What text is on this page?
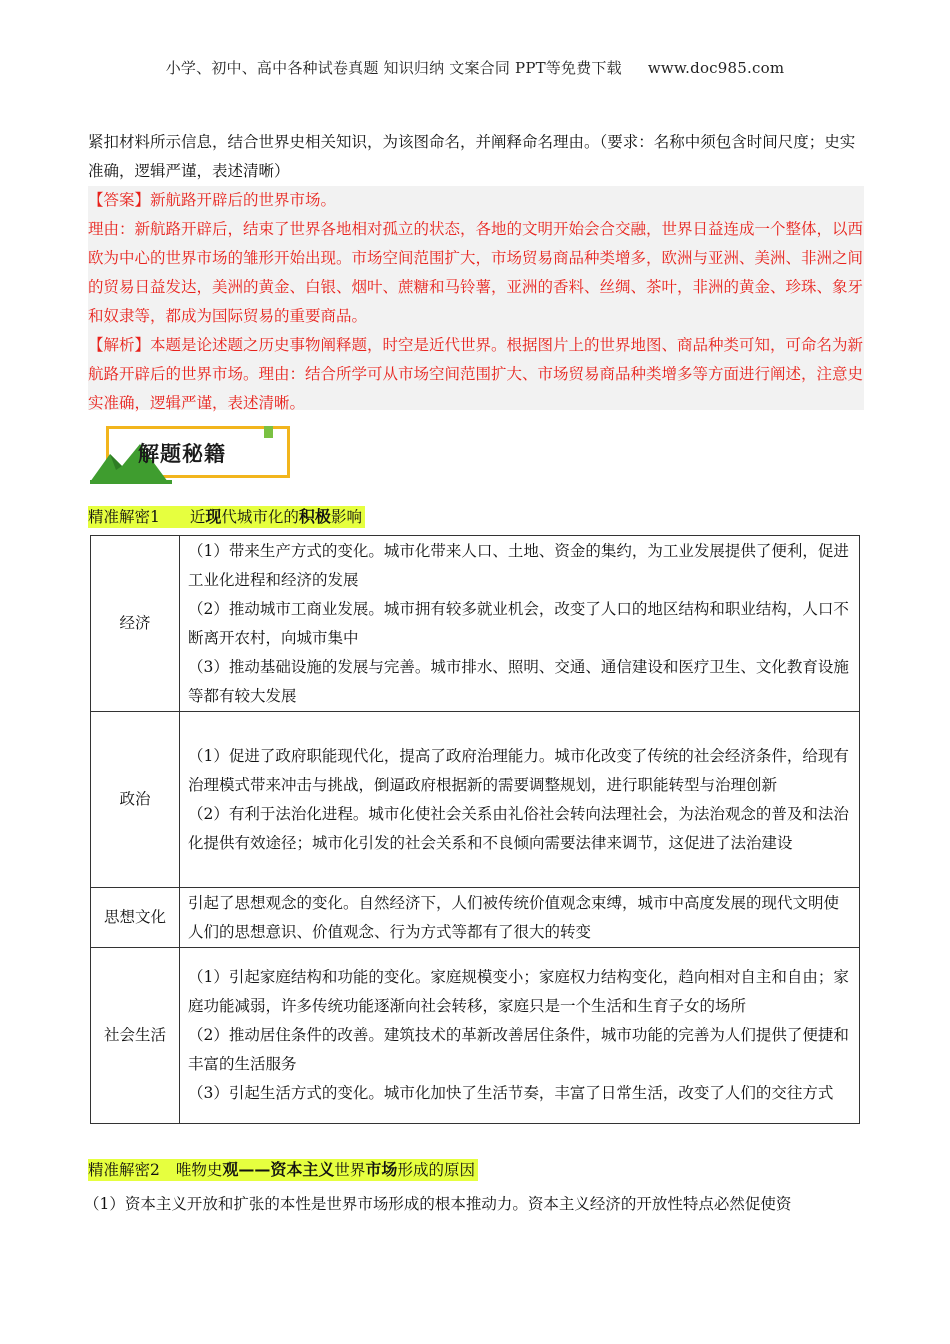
小学、初中、高中各种试卷真题 知识归纳 文案合同 PPT等免费下载 www.doc985.com
紧扣材料所示信息，结合世界史相关知识，为该图命名，并阐释命名理由。（要求：名称中须包含时间尺度；史实准确，逻辑严谨，表述清晰）

【答案】新航路开辟后的世界市场。

理由：新航路开辟后，结束了世界各地相对孤立的状态，各地的文明开始会合交融，世界日益连成一个整体，以西欧为中心的世界市场的雏形开始出现。市场空间范围扩大，市场贸易商品种类增多，欧洲与亚洲、美洲、非洲之间的贸易日益发达，美洲的黄金、白银、烟叶、蔗糖和马铃薯，亚洲的香料、丝绸、茶叶，非洲的黄金、珍珠、象牙和奴隶等，都成为国际贸易的重要商品。

【解析】本题是论述题之历史事物阐释题，时空是近代世界。根据图片上的世界地图、商品种类可知，可命名为新航路开辟后的世界市场。理由：结合所学可从市场空间范围扩大、市场贸易商品种类增多等方面进行阐述，注意史实准确，逻辑严谨，表述清晰。

解题秘籍
精准解密1 近现代城市化的积极影响
经济	（1）带来生产方式的变化。城市化带来人口、土地、资金的集约，为工业发展提供了便利，促进工业化进程和经济的发展
（2）推动城市工商业发展。城市拥有较多就业机会，改变了人口的地区结构和职业结构，人口不断离开农村，向城市集中
（3）推动基础设施的发展与完善。城市排水、照明、交通、通信建设和医疗卫生、文化教育设施等都有较大发展

政治	（1）促进了政府职能现代化，提高了政府治理能力。城市化改变了传统的社会经济条件，给现有治理模式带来冲击与挑战，倒逼政府根据新的需要调整规划，进行职能转型与治理创新
（2）有利于法治化进程。城市化使社会关系由礼俗社会转向法理社会，为法治观念的普及和法治化提供有效途径；城市化引发的社会关系和不良倾向需要法律来调节，这促进了法治建设

思想文化	引起了思想观念的变化。自然经济下，人们被传统价值观念束缚，城市中高度发展的现代文明使人们的思想意识、价值观念、行为方式等都有了很大的转变

社会生活	（1）引起家庭结构和功能的变化。家庭规模变小；家庭权力结构变化，趋向相对自主和自由；家庭功能减弱，许多传统功能逐渐向社会转移，家庭只是一个生活和生育子女的场所
（2）推动居住条件的改善。建筑技术的革新改善居住条件，城市功能的完善为人们提供了便捷和丰富的生活服务
（3）引起生活方式的变化。城市化加快了生活节奏，丰富了日常生活，改变了人们的交往方式
精准解密2 唯物史观——资本主义世界市场形成的原因
（1）资本主义开放和扩张的本性是世界市场形成的根本推动力。资本主义经济的开放性特点必然促使资
